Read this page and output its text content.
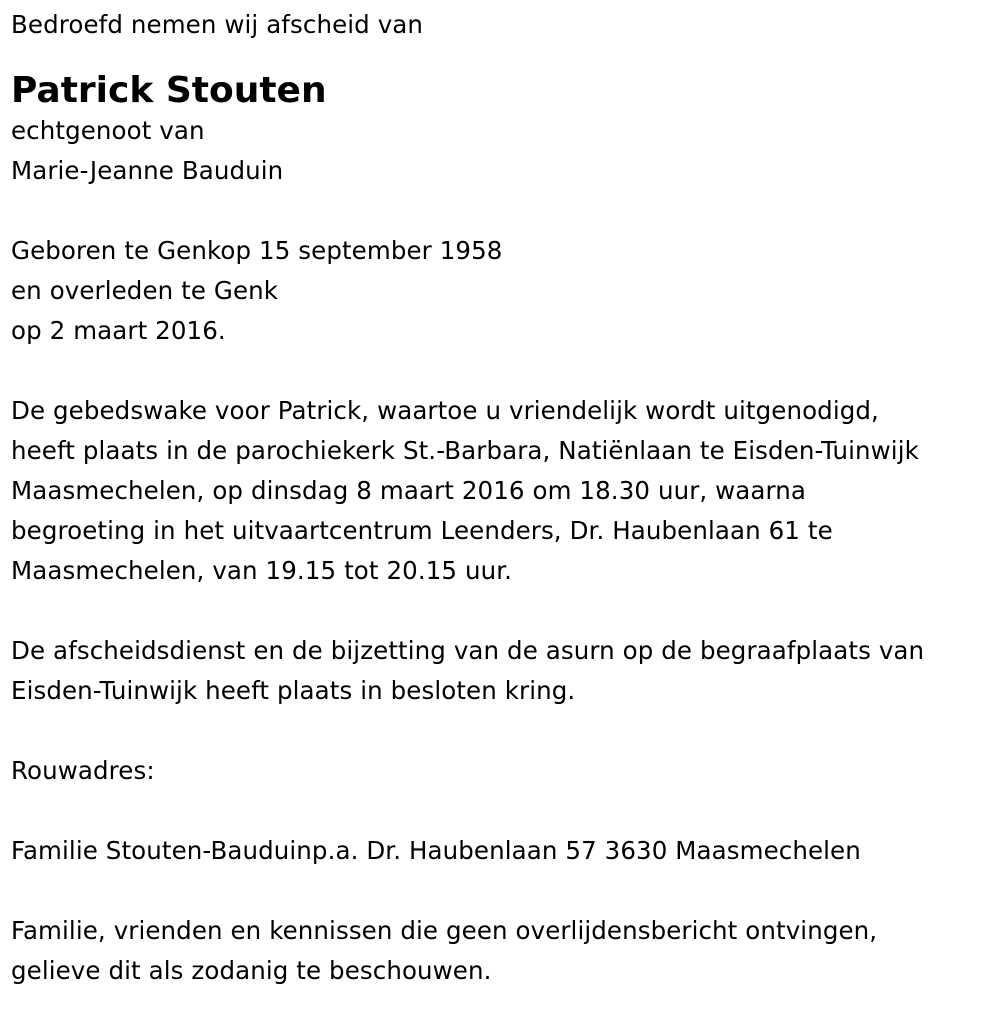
Bedroefd nemen wij afscheid van
Patrick Stouten
echtgenoot van
Marie-Jeanne Bauduin
Geboren te Genkop 15 september 1958
en overleden te Genk
op 2 maart 2016.
De gebedswake voor Patrick, waartoe u vriendelijk wordt uitgenodigd,
heeft plaats in de parochiekerk St.-Barbara, Natiënlaan te Eisden-Tuinwijk
Maasmechelen, op dinsdag 8 maart 2016 om 18.30 uur, waarna
begroeting in het uitvaartcentrum Leenders, Dr. Haubenlaan 61 te
Maasmechelen, van 19.15 tot 20.15 uur.
De afscheidsdienst en de bijzetting van de asurn op de begraafplaats van
Eisden-Tuinwijk heeft plaats in besloten kring.
Rouwadres:
Familie Stouten-Bauduinp.a. Dr. Haubenlaan 57 3630 Maasmechelen
Familie, vrienden en kennissen die geen overlijdensbericht ontvingen,
gelieve dit als zodanig te beschouwen.
